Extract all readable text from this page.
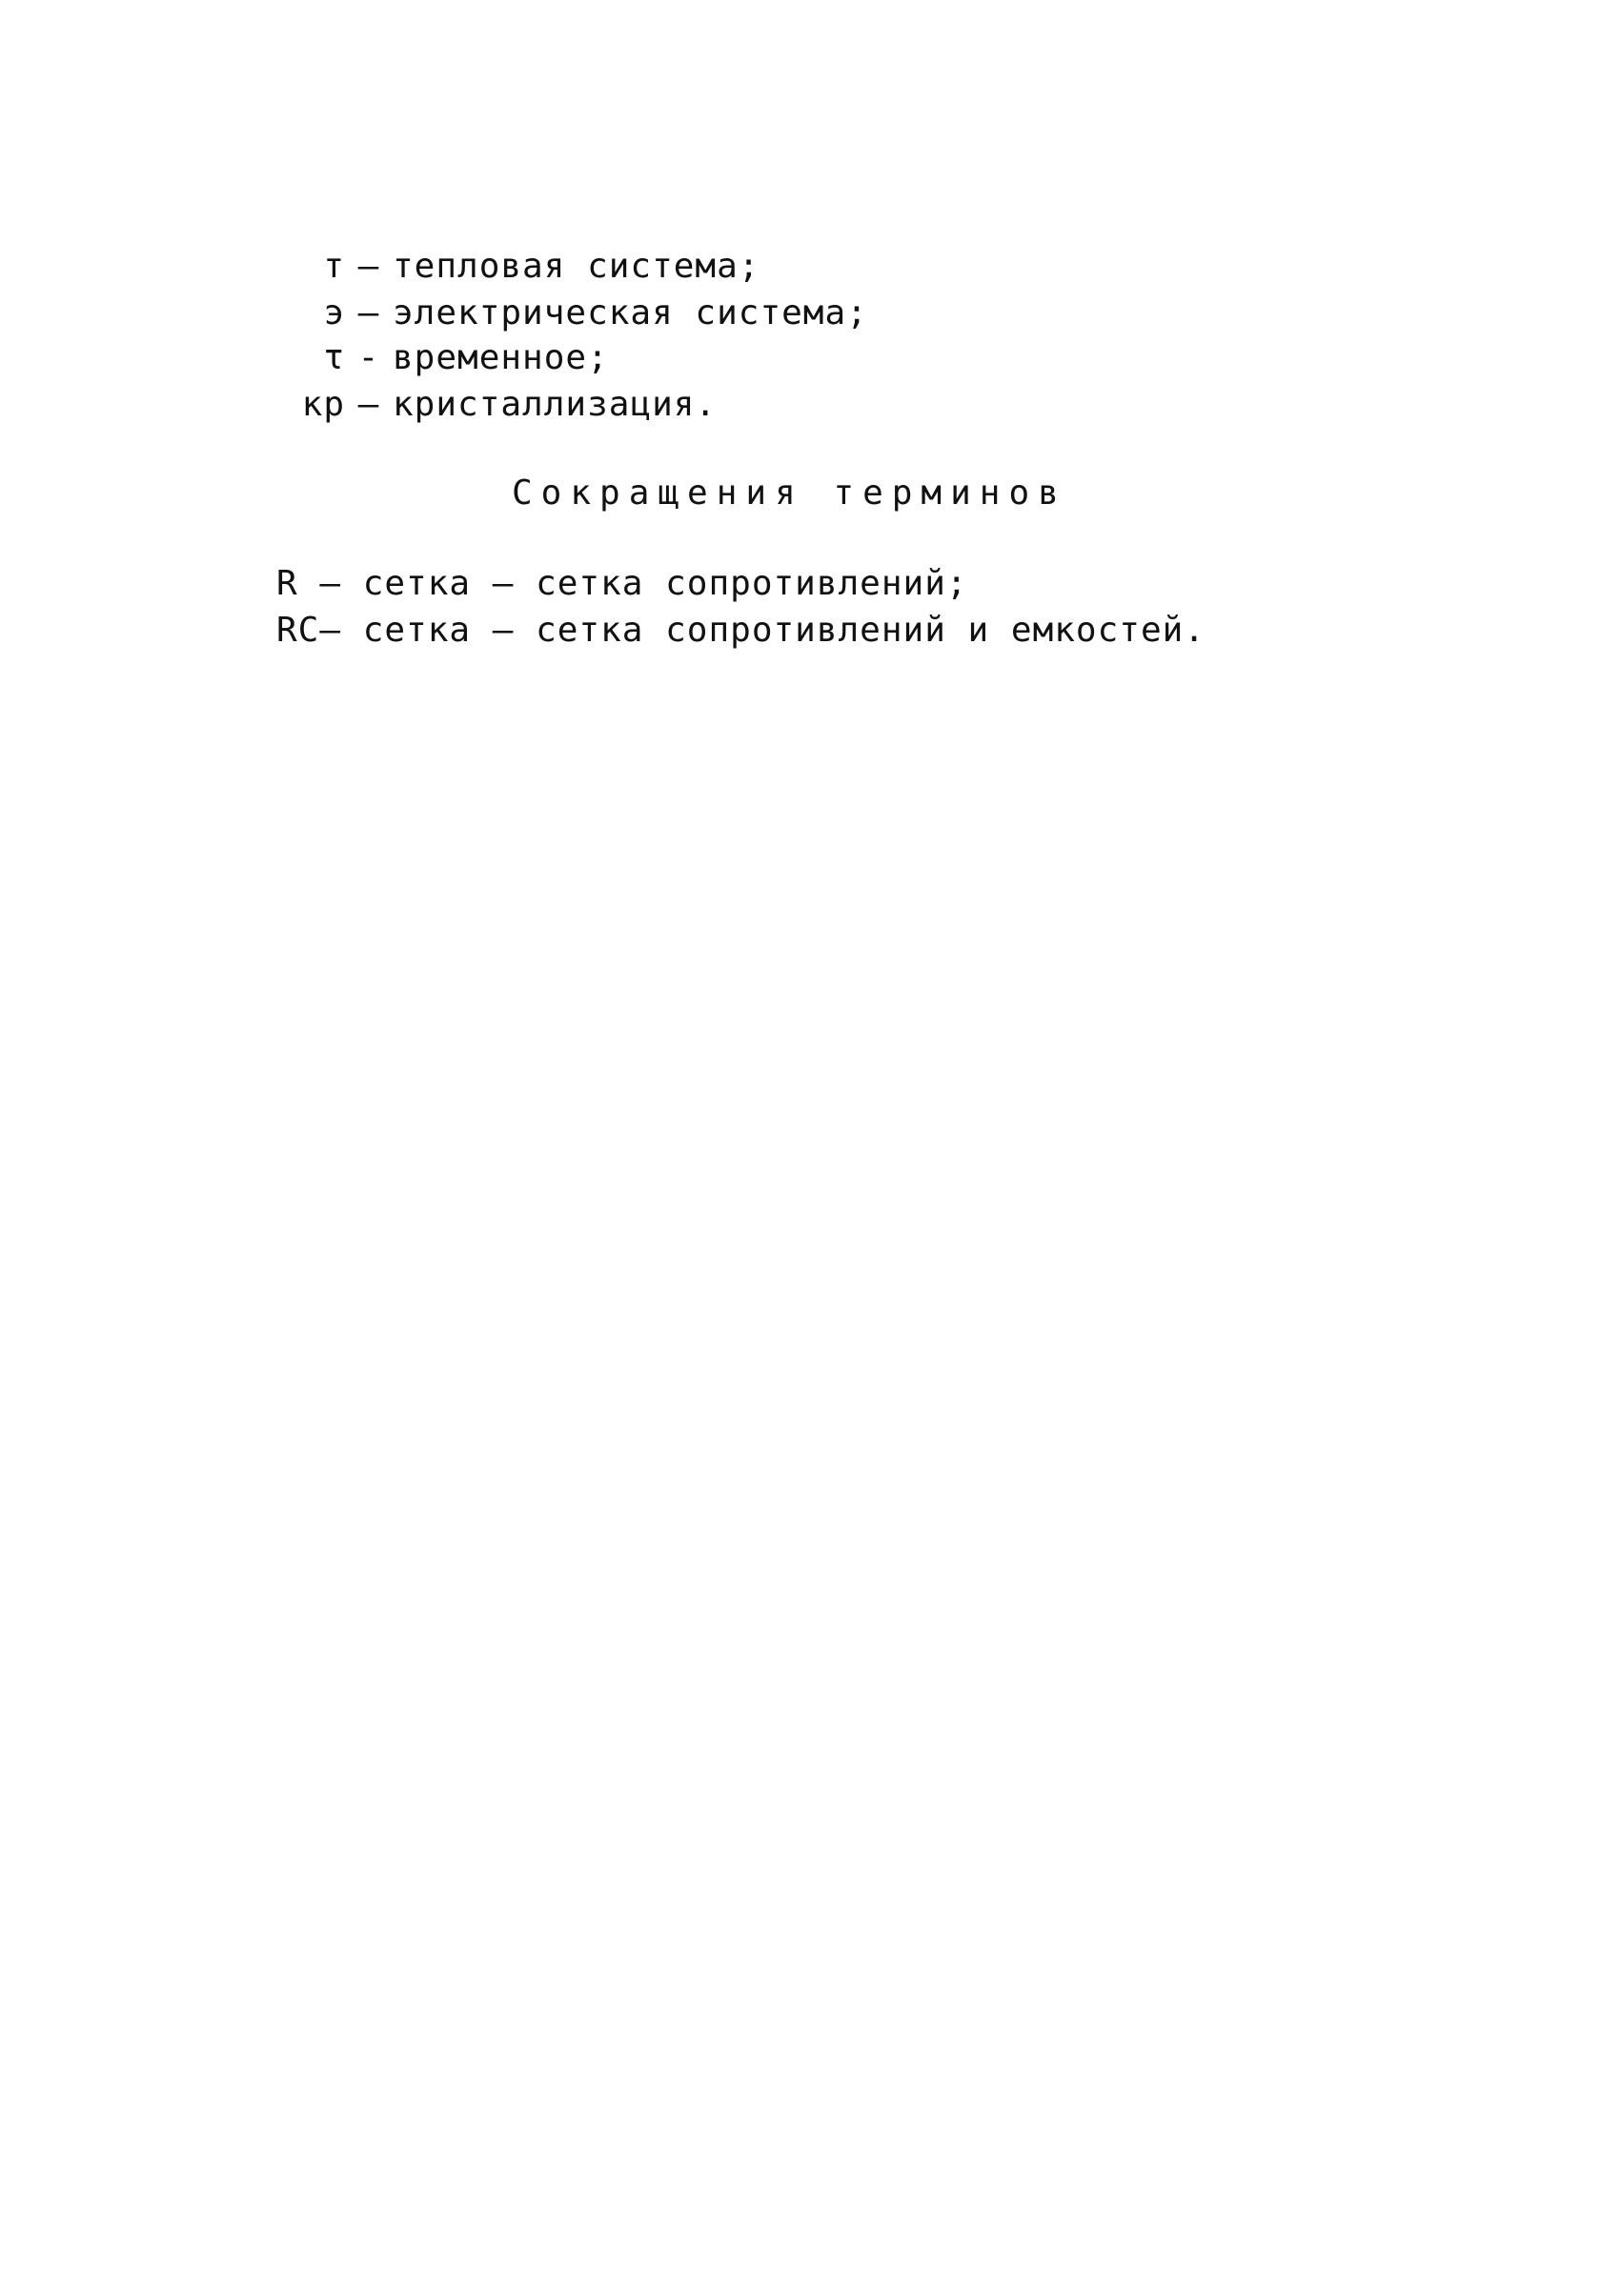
т – тепловая система;
э – электрическая система;
τ - временное;
кр – кристаллизация.
Сокращения терминов
R – сетка – сетка сопротивлений;
RC– сетка – сетка сопротивлений и емкостей.
